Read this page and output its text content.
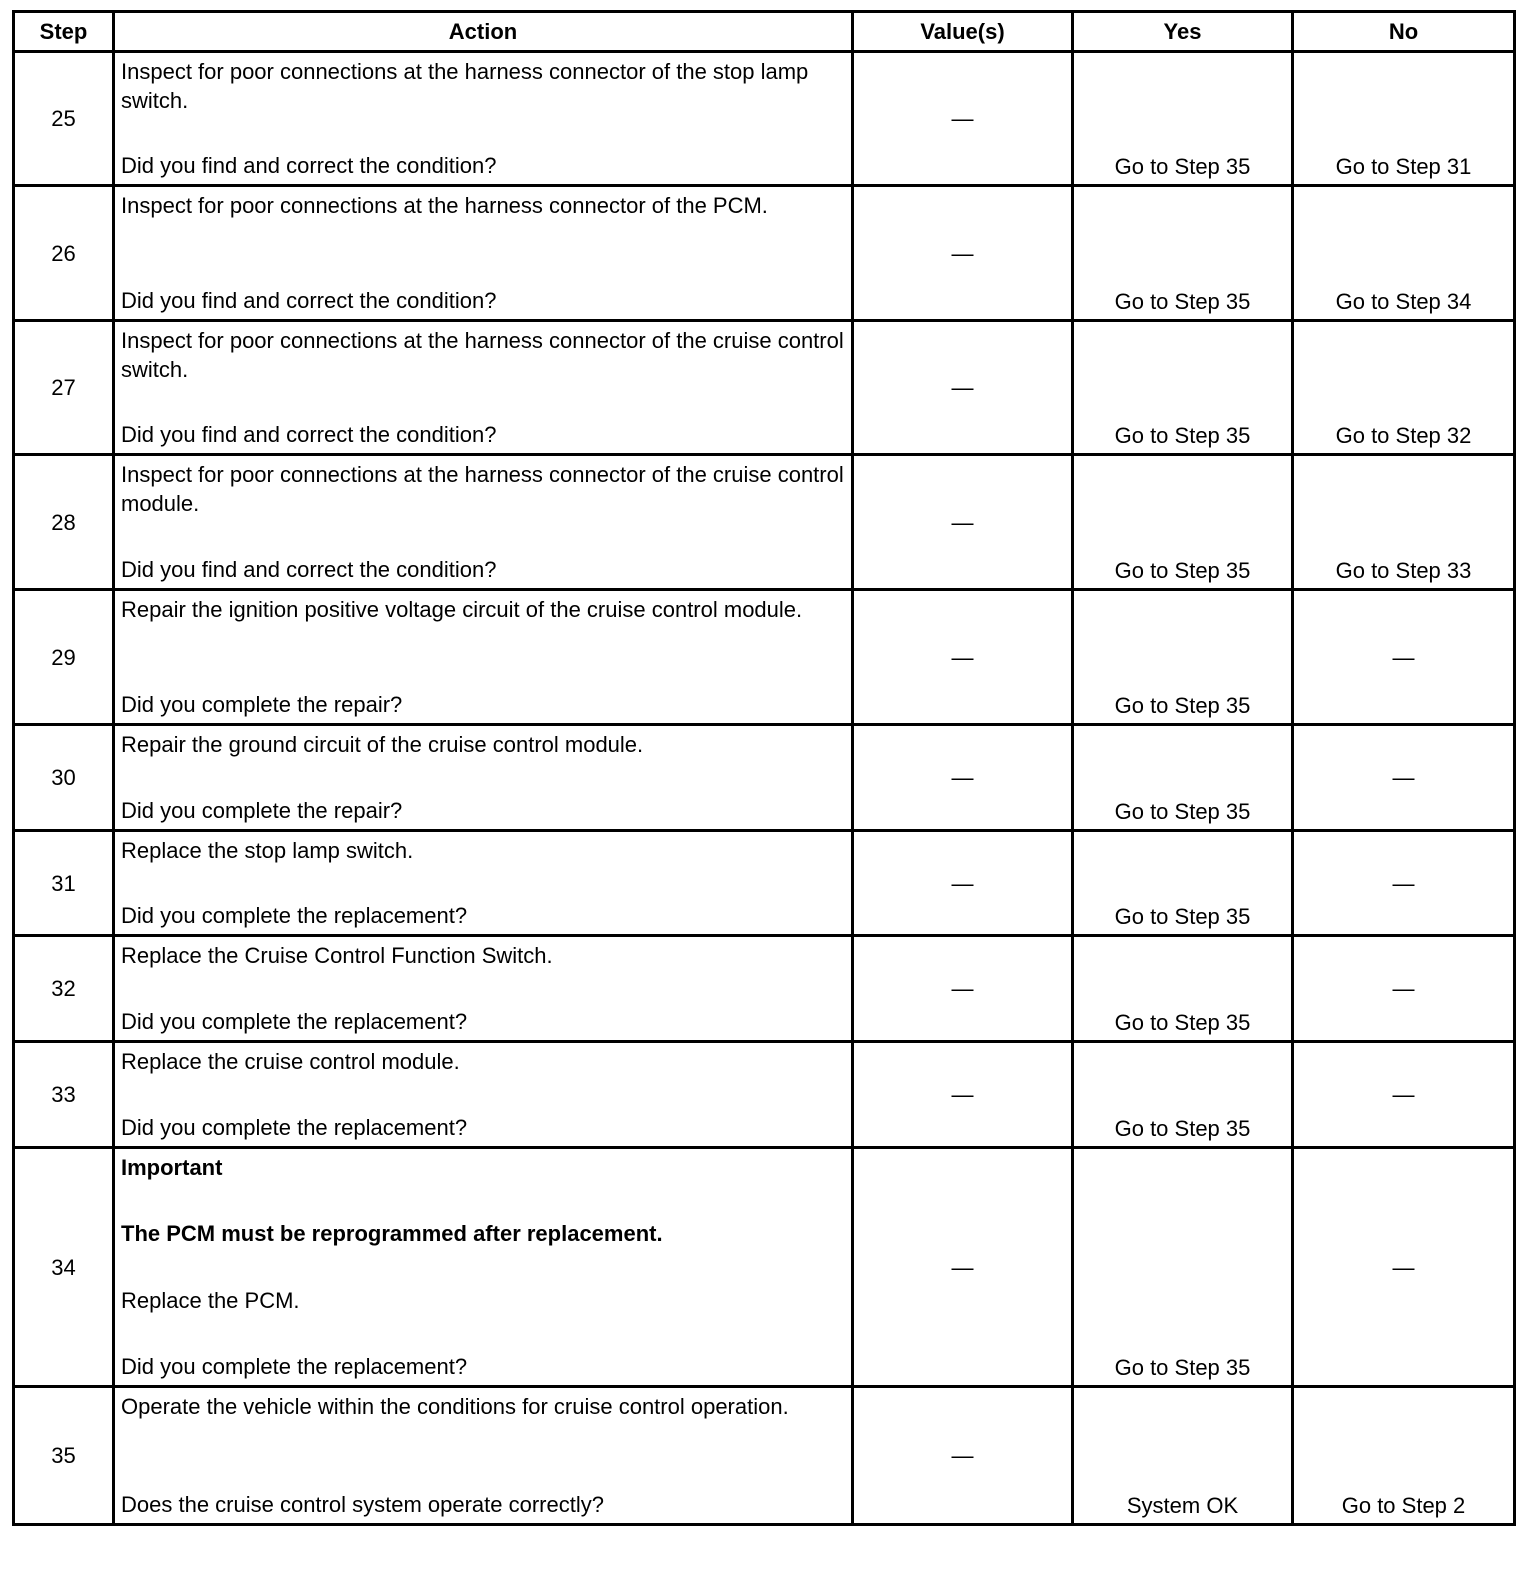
Step	Action	Value(s)	Yes	No
25	Inspect for poor connections at the harness connector of the stop lamp switch.
Did you find and correct the condition?	—	Go to Step 35	Go to Step 31
26	Inspect for poor connections at the harness connector of the PCM.
Did you find and correct the condition?	—	Go to Step 35	Go to Step 34
27	Inspect for poor connections at the harness connector of the cruise control switch.
Did you find and correct the condition?	—	Go to Step 35	Go to Step 32
28	Inspect for poor connections at the harness connector of the cruise control module.
Did you find and correct the condition?	—	Go to Step 35	Go to Step 33
29	Repair the ignition positive voltage circuit of the cruise control module.
Did you complete the repair?	—	Go to Step 35	—
30	Repair the ground circuit of the cruise control module.
Did you complete the repair?	—	Go to Step 35	—
31	Replace the stop lamp switch.
Did you complete the replacement?	—	Go to Step 35	—
32	Replace the Cruise Control Function Switch.
Did you complete the replacement?	—	Go to Step 35	—
33	Replace the cruise control module.
Did you complete the replacement?	—	Go to Step 35	—
34	Important
The PCM must be reprogrammed after replacement.
Replace the PCM.
Did you complete the replacement?	—	Go to Step 35	—
35	Operate the vehicle within the conditions for cruise control operation.
Does the cruise control system operate correctly?	—	System OK	Go to Step 2
